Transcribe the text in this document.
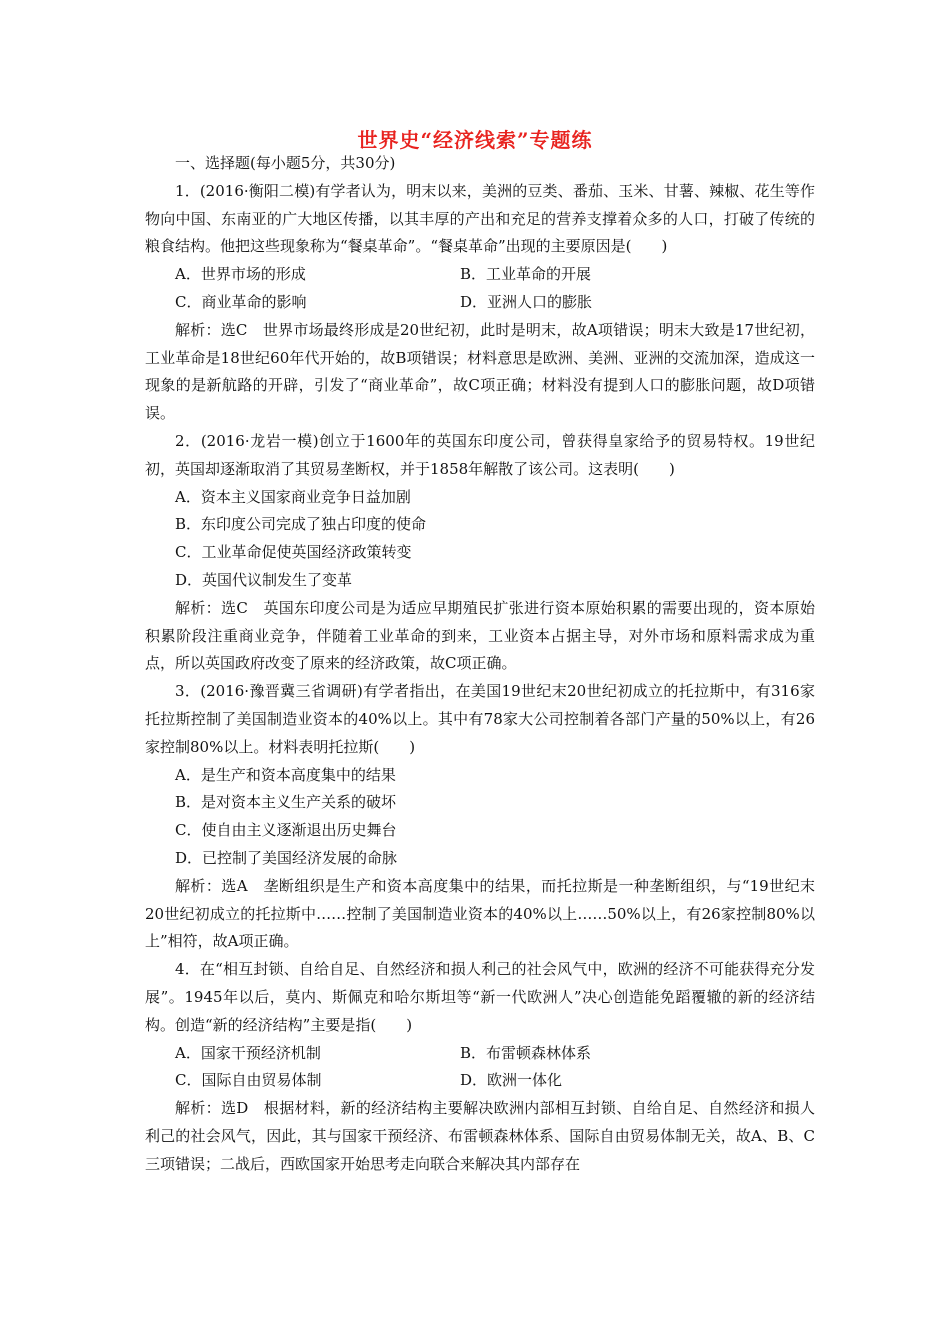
世界史“经济线索”专题练

一、选择题(每小题5分，共30分)

1．(2016·衡阳二模)有学者认为，明末以来，美洲的豆类、番茄、玉米、甘薯、辣椒、花生等作物向中国、东南亚的广大地区传播，以其丰厚的产出和充足的营养支撑着众多的人口，打破了传统的粮食结构。他把这些现象称为“餐桌革命”。“餐桌革命”出现的主要原因是(　　)

A．世界市场的形成	B．工业革命的开展
C．商业革命的影响	D．亚洲人口的膨胀

解析：选C　世界市场最终形成是20世纪初，此时是明末，故A项错误；明末大致是17世纪初，工业革命是18世纪60年代开始的，故B项错误；材料意思是欧洲、美洲、亚洲的交流加深，造成这一现象的是新航路的开辟，引发了“商业革命”，故C项正确；材料没有提到人口的膨胀问题，故D项错误。

2．(2016·龙岩一模)创立于1600年的英国东印度公司，曾获得皇家给予的贸易特权。19世纪初，英国却逐渐取消了其贸易垄断权，并于1858年解散了该公司。这表明(　　)

A．资本主义国家商业竞争日益加剧

B．东印度公司完成了独占印度的使命

C．工业革命促使英国经济政策转变

D．英国代议制发生了变革

解析：选C　英国东印度公司是为适应早期殖民扩张进行资本原始积累的需要出现的，资本原始积累阶段注重商业竞争，伴随着工业革命的到来，工业资本占据主导，对外市场和原料需求成为重点，所以英国政府改变了原来的经济政策，故C项正确。

3．(2016·豫晋冀三省调研)有学者指出，在美国19世纪末20世纪初成立的托拉斯中，有316家托拉斯控制了美国制造业资本的40%以上。其中有78家大公司控制着各部门产量的50%以上，有26家控制80%以上。材料表明托拉斯(　　)

A．是生产和资本高度集中的结果

B．是对资本主义生产关系的破坏

C．使自由主义逐渐退出历史舞台

D．已控制了美国经济发展的命脉

解析：选A　垄断组织是生产和资本高度集中的结果，而托拉斯是一种垄断组织，与“19世纪末20世纪初成立的托拉斯中……控制了美国制造业资本的40%以上……50%以上，有26家控制80%以上”相符，故A项正确。

4．在“相互封锁、自给自足、自然经济和损人利己的社会风气中，欧洲的经济不可能获得充分发展”。1945年以后，莫内、斯佩克和哈尔斯坦等“新一代欧洲人”决心创造能免蹈覆辙的新的经济结构。创造“新的经济结构”主要是指(　　)

A．国家干预经济机制	B．布雷顿森林体系
C．国际自由贸易体制	D．欧洲一体化

解析：选D　根据材料，新的经济结构主要解决欧洲内部相互封锁、自给自足、自然经济和损人利己的社会风气，因此，其与国家干预经济、布雷顿森林体系、国际自由贸易体制无关，故A、B、C三项错误；二战后，西欧国家开始思考走向联合来解决其内部存在
